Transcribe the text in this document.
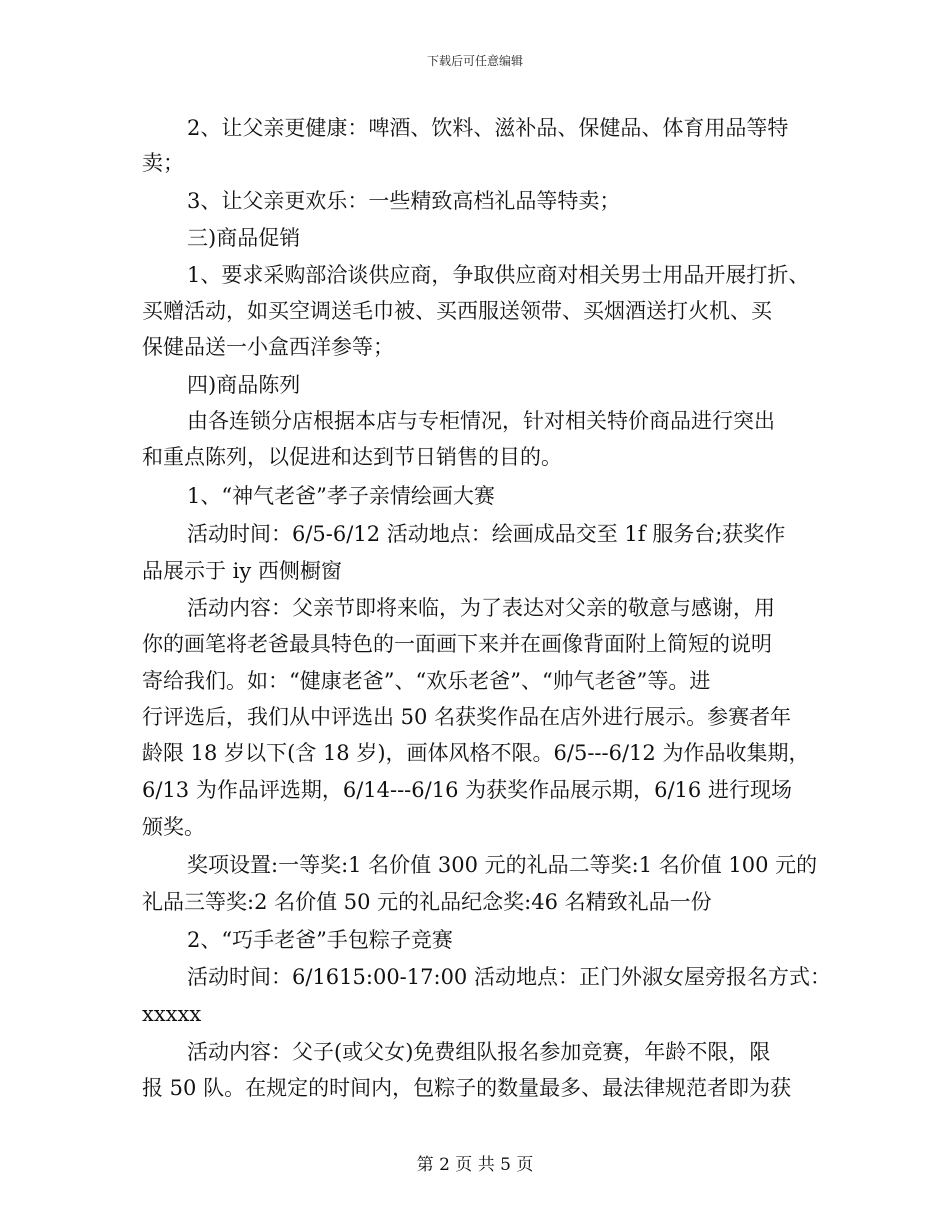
下载后可任意编辑
2、让父亲更健康：啤酒、饮料、滋补品、保健品、体育用品等特
卖；
3、让父亲更欢乐：一些精致高档礼品等特卖；
三)商品促销
1、要求采购部洽谈供应商，争取供应商对相关男士用品开展打折、
买赠活动，如买空调送毛巾被、买西服送领带、买烟酒送打火机、买
保健品送一小盒西洋参等；
四)商品陈列
由各连锁分店根据本店与专柜情况，针对相关特价商品进行突出
和重点陈列，以促进和达到节日销售的目的。
1、“神气老爸”孝子亲情绘画大赛
活动时间：6/5-6/12 活动地点：绘画成品交至 1f 服务台;获奖作
品展示于 iy 西侧橱窗
活动内容：父亲节即将来临，为了表达对父亲的敬意与感谢，用
你的画笔将老爸最具特色的一面画下来并在画像背面附上简短的说明
寄给我们。如：“健康老爸”、“欢乐老爸”、“帅气老爸”等。进
行评选后，我们从中评选出 50 名获奖作品在店外进行展示。参赛者年
龄限 18 岁以下(含 18 岁)，画体风格不限。6/5---6/12 为作品收集期，
6/13 为作品评选期，6/14---6/16 为获奖作品展示期，6/16 进行现场
颁奖。
奖项设置:一等奖:1 名价值 300 元的礼品二等奖:1 名价值 100 元的
礼品三等奖:2 名价值 50 元的礼品纪念奖:46 名精致礼品一份
2、“巧手老爸”手包粽子竞赛
活动时间：6/1615:00-17:00 活动地点：正门外淑女屋旁报名方式：
xxxxx
活动内容：父子(或父女)免费组队报名参加竞赛，年龄不限，限
报 50 队。在规定的时间内，包粽子的数量最多、最法律规范者即为获
第 2 页 共 5 页
